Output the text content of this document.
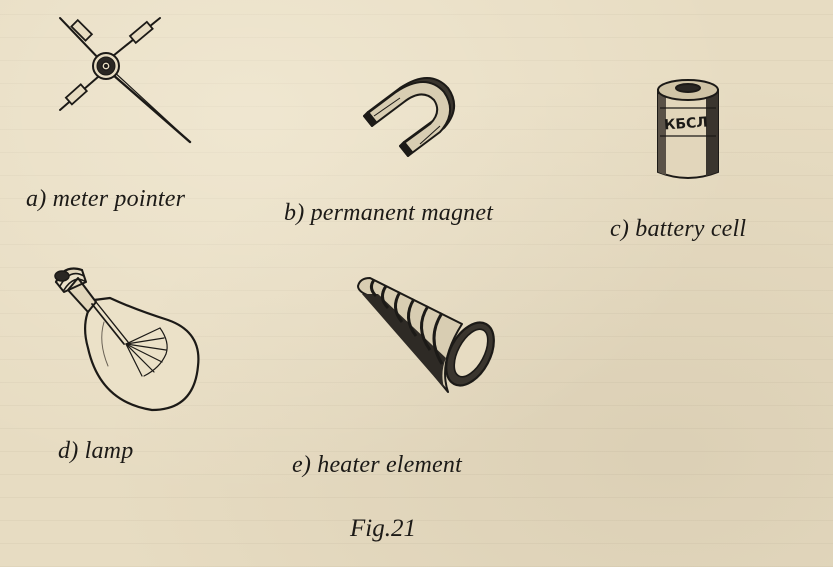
a) meter pointer
b) permanent magnet
КБСЛ
c) battery cell
d) lamp
e) heater element
Fig.21
